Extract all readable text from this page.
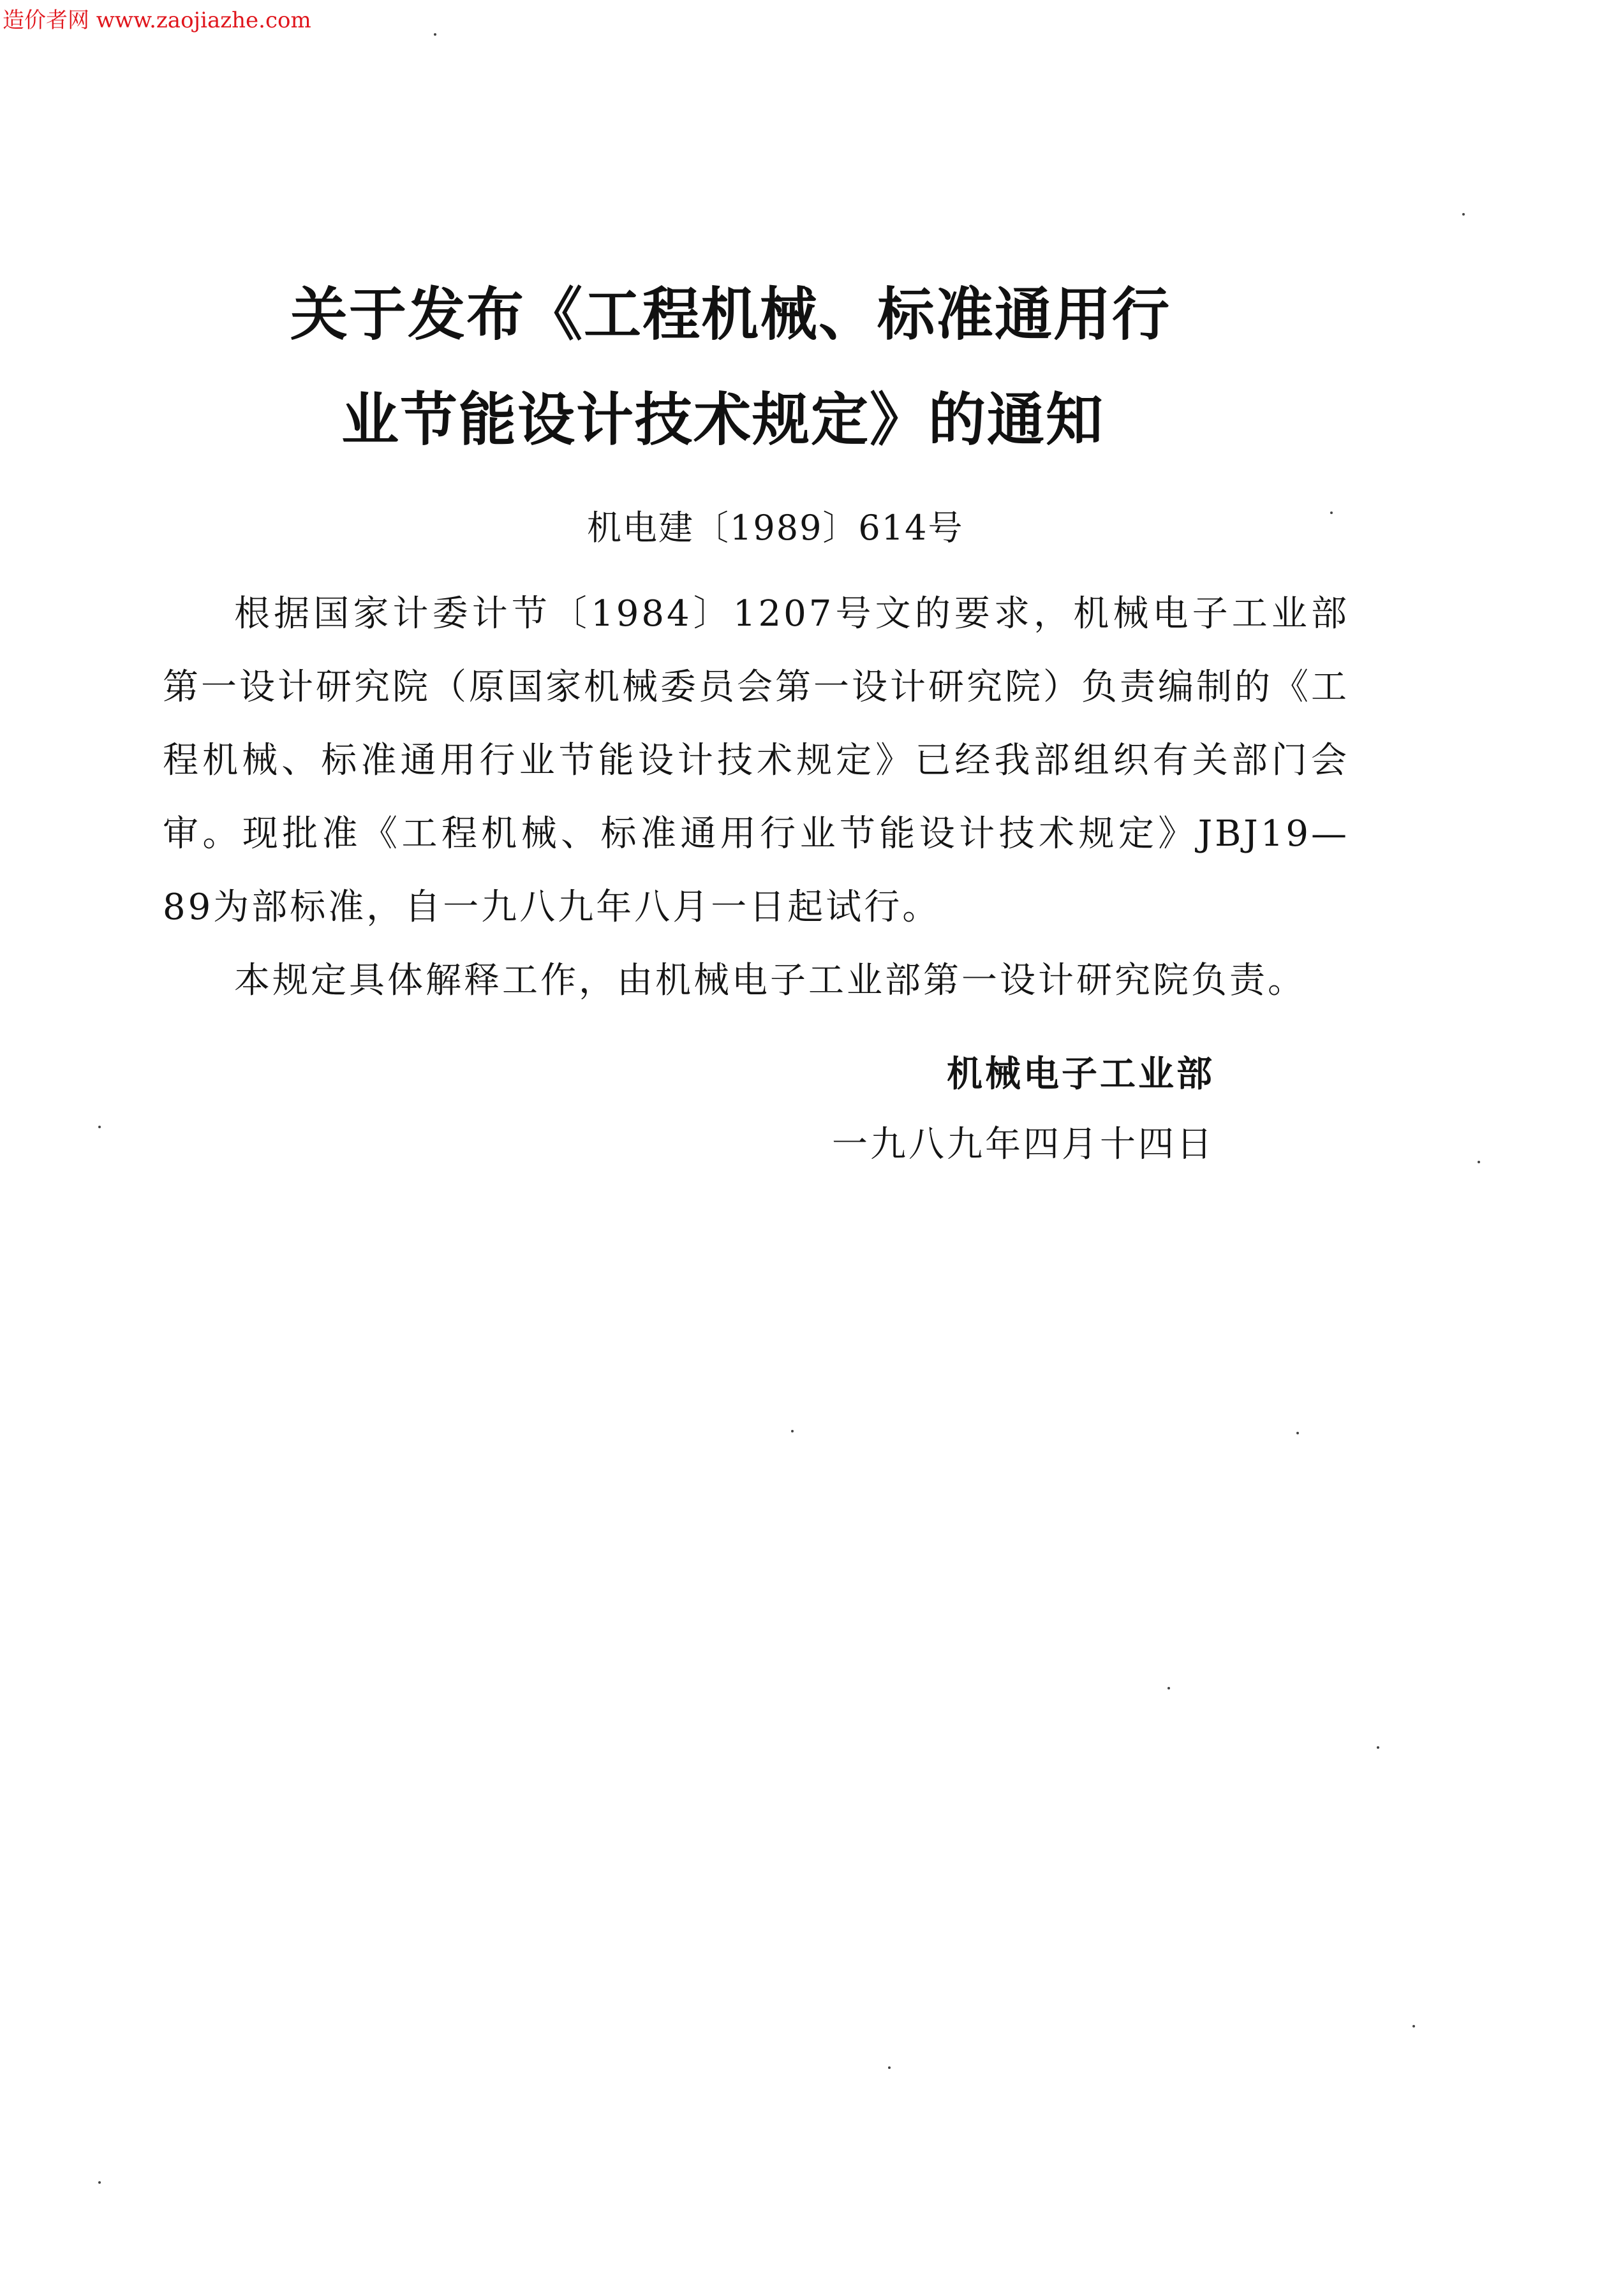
造价者网 www.zaojiazhe.com
关于发布《工程机械、标准通用行
业节能设计技术规定》的通知
机电建〔1989〕614号

根据国家计委计节〔1984〕1207号文的要求，机械电子工业部第一设计研究院（原国家机械委员会第一设计研究院）负责编制的《工程机械、标准通用行业节能设计技术规定》已经我部组织有关部门会审。现批准《工程机械、标准通用行业节能设计技术规定》JBJ19—89为部标准，自一九八九年八月一日起试行。

本规定具体解释工作，由机械电子工业部第一设计研究院负责。

机械电子工业部
一九八九年四月十四日
